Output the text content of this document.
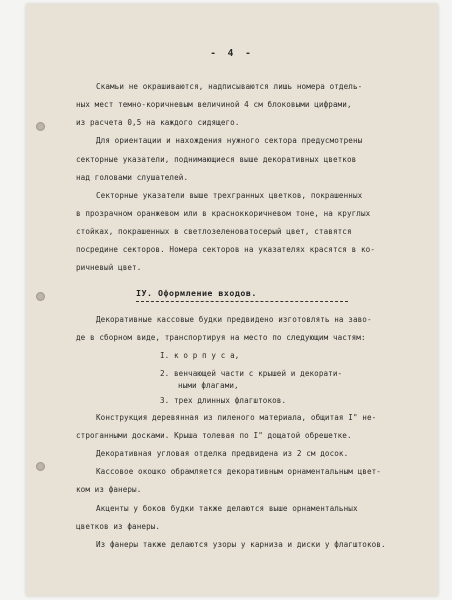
- 4 -
Скамьи не окрашиваются, надписываются лишь номера отдель-
ных мест темно-коричневым величиной 4 см блоковыми цифрами,
из расчета 0,5 на каждого сидящего.
Для ориентации и нахождения нужного сектора предусмотрены
секторные указатели, поднимающиеся выше декоративных цветков
над головами слушателей.
Секторные указатели выше трехгранных цветков, покрашенных
в прозрачном оранжевом или в красноккоричневом тоне, на круглых
стойках, покрашенных в светлозеленоватосерый цвет, ставятся
посредине секторов. Номера секторов на указателях красятся в ко-
ричневый цвет.
IУ. Оформление входов.
Декоративные кассовые будки предвидено изготовлять на заво-
де в сборном виде, транспортируя на место по следующим частям:
I. к о р п у с а,
2. венчающей части с крышей и декорати-
ными флагами,
3. трех длинных флагштоков.
Конструкция деревянная из пиленого материала, общитая I" не-
строганными досками. Крыша толевая по I" дощатой обрешетке.
Декоративная угловая отделка предвидена из 2 см досок.
Кассовое окошко обрамляется декоративным орнаментальным цвет-
ком из фанеры.
Акценты у боков будки также делаются выше орнаментальных
цветков из фанеры.
Из фанеры также делаются узоры у карниза и диски у флагштоков.
